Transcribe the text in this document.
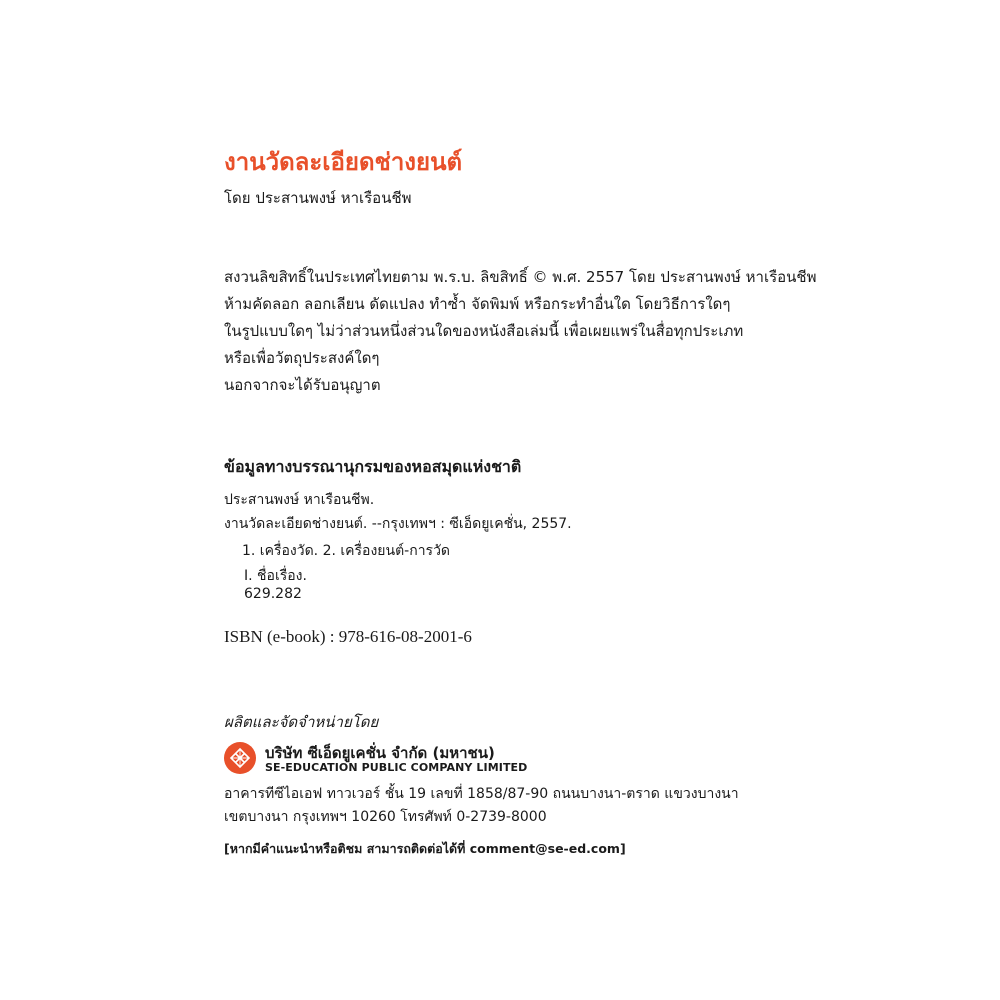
งานวัดละเอียดช่างยนต์
โดย ประสานพงษ์ หาเรือนชีพ
สงวนลิขสิทธิ์ในประเทศไทยตาม พ.ร.บ. ลิขสิทธิ์ © พ.ศ. 2557 โดย ประสานพงษ์ หาเรือนชีพ
ห้ามคัดลอก ลอกเลียน ดัดแปลง ทำซ้ำ จัดพิมพ์ หรือกระทำอื่นใด โดยวิธีการใดๆ
ในรูปแบบใดๆ ไม่ว่าส่วนหนึ่งส่วนใดของหนังสือเล่มนี้ เพื่อเผยแพร่ในสื่อทุกประเภท
หรือเพื่อวัตถุประสงค์ใดๆ
นอกจากจะได้รับอนุญาต
ข้อมูลทางบรรณานุกรมของหอสมุดแห่งชาติ
ประสานพงษ์ หาเรือนชีพ.
งานวัดละเอียดช่างยนต์. --กรุงเทพฯ : ซีเอ็ดยูเคชั่น, 2557.
1. เครื่องวัด. 2. เครื่องยนต์-การวัด
I. ชื่อเรื่อง.
629.282
ISBN (e-book) : 978-616-08-2001-6
ผลิตและจัดจำหน่ายโดย
บริษัท ซีเอ็ดยูเคชั่น จำกัด (มหาชน)
SE-EDUCATION PUBLIC COMPANY LIMITED
อาคารทีซีไอเอฟ ทาวเวอร์ ชั้น 19 เลขที่ 1858/87-90 ถนนบางนา-ตราด แขวงบางนา
เขตบางนา กรุงเทพฯ 10260 โทรศัพท์ 0-2739-8000
[หากมีคำแนะนำหรือติชม สามารถติดต่อได้ที่ comment@se-ed.com]
